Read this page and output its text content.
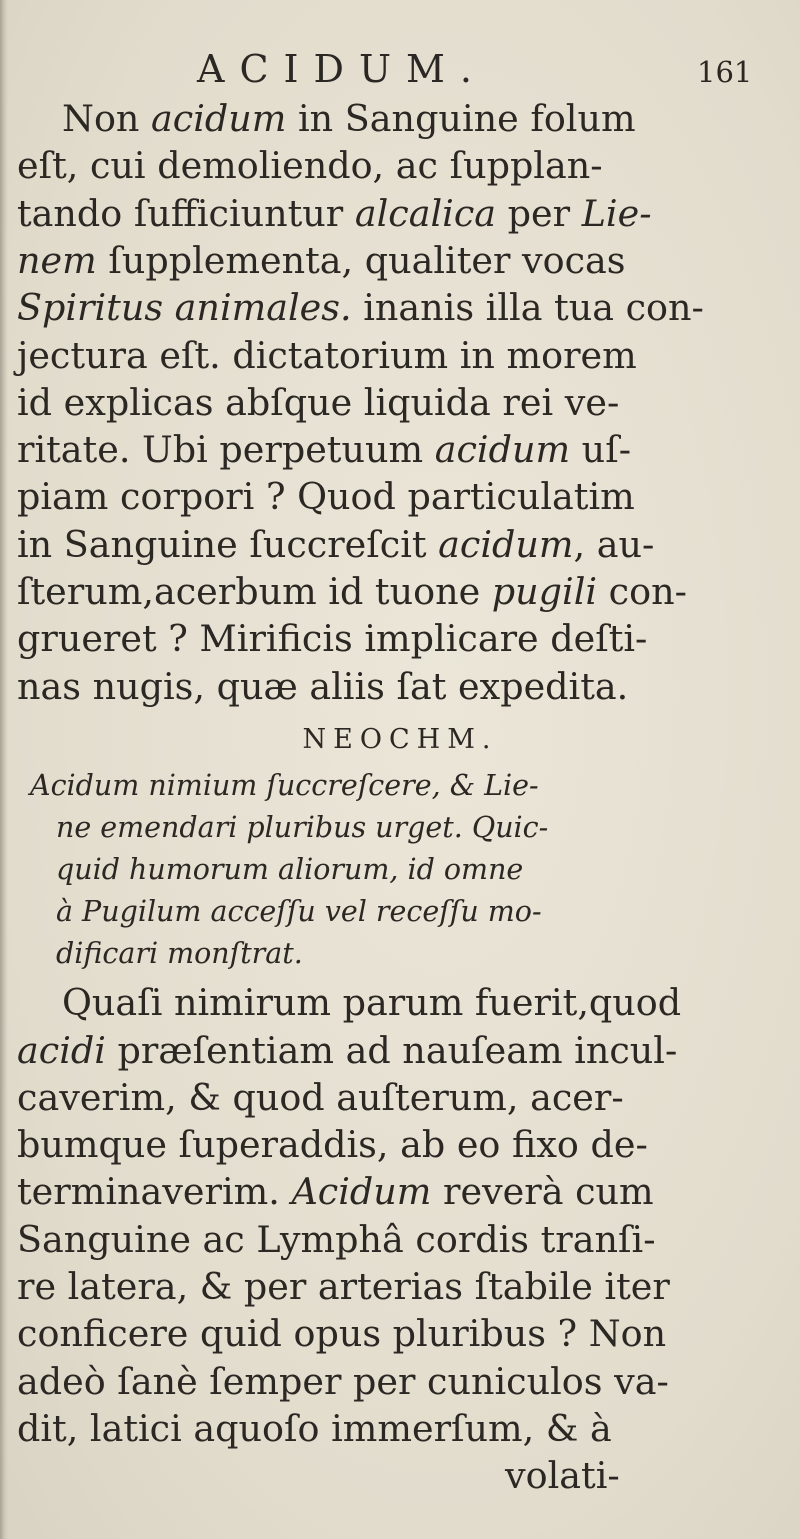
ACIDUM.	161
Non acidum in Sanguine folum
eſt, cui demoliendo, ac ſupplan-
tando ſufficiuntur alcalica per Lie-
nem ſupplementa, qualiter vocas
Spiritus animales. inanis illa tua con-
jectura eſt. dictatorium in morem
id explicas abſque liquida rei ve-
ritate. Ubi perpetuum acidum uſ-
piam corpori ? Quod particulatim
in Sanguine ſuccreſcit acidum, au-
ſterum,acerbum id tuone pugili con-
grueret ? Mirificis implicare deſti-
nas nugis, quæ aliis ſat expedita.
NEOCHM.
Acidum nimium ſuccreſcere, & Lie-
ne emendari pluribus urget. Quic-
quid humorum aliorum, id omne
à Pugilum acceſſu vel receſſu mo-
dificari monſtrat.
Quaſi nimirum parum fuerit,quod
acidi præſentiam ad nauſeam incul-
caverim, & quod auſterum, acer-
bumque ſuperaddis, ab eo fixo de-
terminaverim. Acidum reverà cum
Sanguine ac Lymphâ cordis tranſi-
re latera, & per arterias ſtabile iter
conficere quid opus pluribus ? Non
adeò ſanè ſemper per cuniculos va-
dit, latici aquoſo immerſum, & à
volati-
